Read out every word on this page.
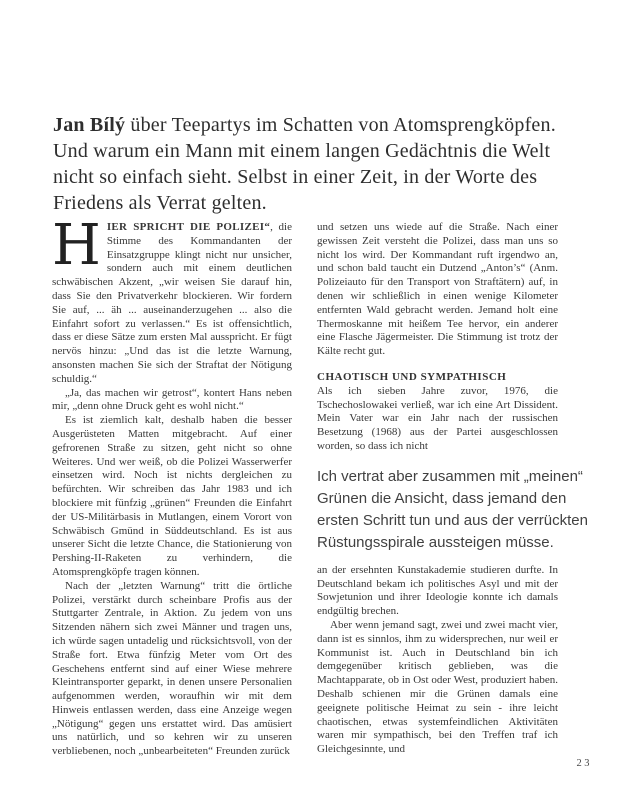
Jan Bílý über Teepartys im Schatten von Atomsprengköpfen.
Und warum ein Mann mit einem langen Gedächtnis die Welt
nicht so einfach sieht. Selbst in einer Zeit, in der Worte des
Friedens als Verrat gelten.

HIER SPRICHT DIE POLIZEI“, die Stimme des Kommandanten der Einsatzgruppe klingt nicht nur unsicher, sondern auch mit einem deutlichen schwäbischen Akzent, „wir weisen Sie darauf hin, dass Sie den Privatverkehr blockieren. Wir fordern Sie auf, ... äh ... auseinanderzugehen ... also die Einfahrt sofort zu verlassen.“ Es ist offensichtlich, dass er diese Sätze zum ersten Mal ausspricht. Er fügt nervös hinzu: „Und das ist die letzte Warnung, ansonsten machen Sie sich der Straftat der Nötigung schuldig.“

„Ja, das machen wir getrost“, kontert Hans neben mir, „denn ohne Druck geht es wohl nicht.“

Es ist ziemlich kalt, deshalb haben die besser Ausgerüsteten Matten mitgebracht. Auf einer gefrorenen Straße zu sitzen, geht nicht so ohne Weiteres. Und wer weiß, ob die Polizei Wasserwerfer einsetzen wird. Noch ist nichts dergleichen zu befürchten. Wir schreiben das Jahr 1983 und ich blockiere mit fünfzig „grünen“ Freunden die Einfahrt der US-Militärbasis in Mutlangen, einem Vorort von Schwäbisch Gmünd in Süddeutschland. Es ist aus unserer Sicht die letzte Chance, die Stationierung von Pershing-II-Raketen zu verhindern, die Atomsprengköpfe tragen können.

Nach der „letzten Warnung“ tritt die örtliche Polizei, verstärkt durch scheinbare Profis aus der Stuttgarter Zentrale, in Aktion. Zu jedem von uns Sitzenden nähern sich zwei Männer und tragen uns, ich würde sagen untadelig und rücksichtsvoll, von der Straße fort. Etwa fünfzig Meter vom Ort des Geschehens entfernt sind auf einer Wiese mehrere Kleintransporter geparkt, in denen unsere Personalien aufgenommen werden, woraufhin wir mit dem Hinweis entlassen werden, dass eine Anzeige wegen „Nötigung“ gegen uns erstattet wird. Das amüsiert uns natürlich, und so kehren wir zu unseren verbliebenen, noch „unbearbeiteten“ Freunden zurück

und setzen uns wiede auf die Straße. Nach einer gewissen Zeit versteht die Polizei, dass man uns so nicht los wird. Der Kommandant ruft irgendwo an, und schon bald taucht ein Dutzend „Anton’s“ (Anm. Polizeiauto für den Transport von Straftätern) auf, in denen wir schließlich in einen wenige Kilometer entfernten Wald gebracht werden. Jemand holt eine Thermoskanne mit heißem Tee hervor, ein anderer eine Flasche Jägermeister. Die Stimmung ist trotz der Kälte recht gut.

CHAOTISCH UND SYMPATHISCH

Als ich sieben Jahre zuvor, 1976, die Tschechoslowakei verließ, war ich eine Art Dissident. Mein Vater war ein Jahr nach der russischen Besetzung (1968) aus der Partei ausgeschlossen worden, so dass ich nicht

Ich vertrat aber zusammen mit „meinen“
Grünen die Ansicht, dass jemand den
ersten Schritt tun und aus der verrückten
Rüstungsspirale aussteigen müsse.

an der ersehnten Kunstakademie studieren durfte. In Deutschland bekam ich politisches Asyl und mit der Sowjetunion und ihrer Ideologie konnte ich damals endgültig brechen.

Aber wenn jemand sagt, zwei und zwei macht vier, dann ist es sinnlos, ihm zu widersprechen, nur weil er Kommunist ist. Auch in Deutschland bin ich demgegenüber kritisch geblieben, was die Machtapparate, ob in Ost oder West, produziert haben. Deshalb schienen mir die Grünen damals eine geeignete politische Heimat zu sein - ihre leicht chaotischen, etwas systemfeindlichen Aktivitäten waren mir sympathisch, bei den Treffen traf ich Gleichgesinnte, und

23
